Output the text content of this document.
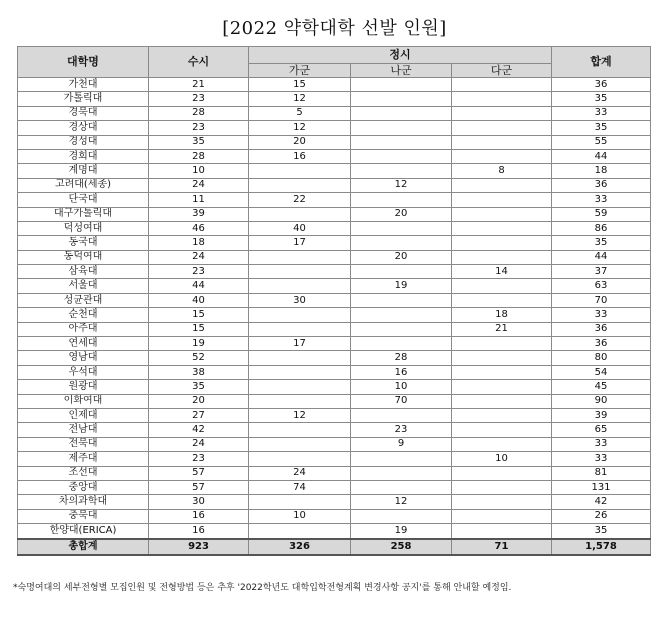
[2022 약학대학 선발 인원]
대학명	수시	정시			합계
		가군	나군	다군	
가천대	21	15			36
가톨릭대	23	12			35
경북대	28	5			33
경상대	23	12			35
경성대	35	20			55
경희대	28	16			44
계명대	10			8	18
고려대(세종)	24		12		36
단국대	11	22			33
대구가톨릭대	39		20		59
덕성여대	46	40			86
동국대	18	17			35
동덕여대	24		20		44
삼육대	23			14	37
서울대	44		19		63
성균관대	40	30			70
순천대	15			18	33
아주대	15			21	36
연세대	19	17			36
영남대	52		28		80
우석대	38		16		54
원광대	35		10		45
이화여대	20		70		90
인제대	27	12			39
전남대	42		23		65
전북대	24		9		33
제주대	23			10	33
조선대	57	24			81
중앙대	57	74			131
차의과학대	30		12		42
충북대	16	10			26
한양대(ERICA)	16		19		35
총합계	923	326	258	71	1,578
*숙명여대의 세부전형별 모집인원 및 전형방법 등은 추후 '2022학년도 대학입학전형계획 변경사항 공지'를 통해 안내할 예정임.
